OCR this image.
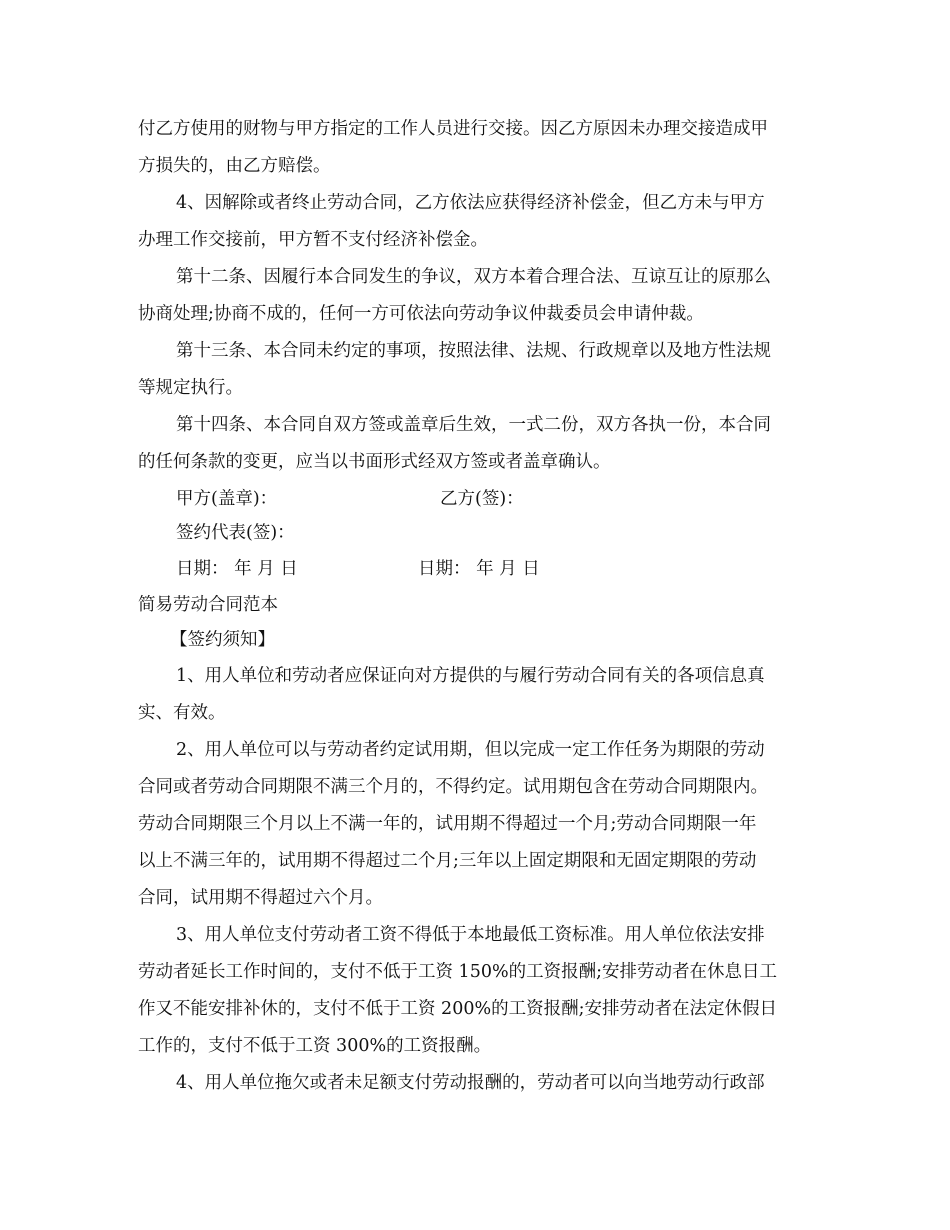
付乙方使用的财物与甲方指定的工作人员进行交接。因乙方原因未办理交接造成甲

方损失的，由乙方赔偿。

4、因解除或者终止劳动合同，乙方依法应获得经济补偿金，但乙方未与甲方

办理工作交接前，甲方暂不支付经济补偿金。

第十二条、因履行本合同发生的争议，双方本着合理合法、互谅互让的原那么

协商处理;协商不成的，任何一方可依法向劳动争议仲裁委员会申请仲裁。

第十三条、本合同未约定的事项，按照法律、法规、行政规章以及地方性法规

等规定执行。

第十四条、本合同自双方签或盖章后生效，一式二份，双方各执一份，本合同

的任何条款的变更，应当以书面形式经双方签或者盖章确认。

甲方(盖章)：	乙方(签)：

签约代表(签)：

日期： 年 月 日	日期： 年 月 日

简易劳动合同范本

【签约须知】

1、用人单位和劳动者应保证向对方提供的与履行劳动合同有关的各项信息真

实、有效。

2、用人单位可以与劳动者约定试用期，但以完成一定工作任务为期限的劳动

合同或者劳动合同期限不满三个月的，不得约定。试用期包含在劳动合同期限内。

劳动合同期限三个月以上不满一年的，试用期不得超过一个月;劳动合同期限一年

以上不满三年的，试用期不得超过二个月;三年以上固定期限和无固定期限的劳动

合同，试用期不得超过六个月。

3、用人单位支付劳动者工资不得低于本地最低工资标准。用人单位依法安排

劳动者延长工作时间的，支付不低于工资 150%的工资报酬;安排劳动者在休息日工

作又不能安排补休的，支付不低于工资 200%的工资报酬;安排劳动者在法定休假日

工作的，支付不低于工资 300%的工资报酬。

4、用人单位拖欠或者未足额支付劳动报酬的，劳动者可以向当地劳动行政部
